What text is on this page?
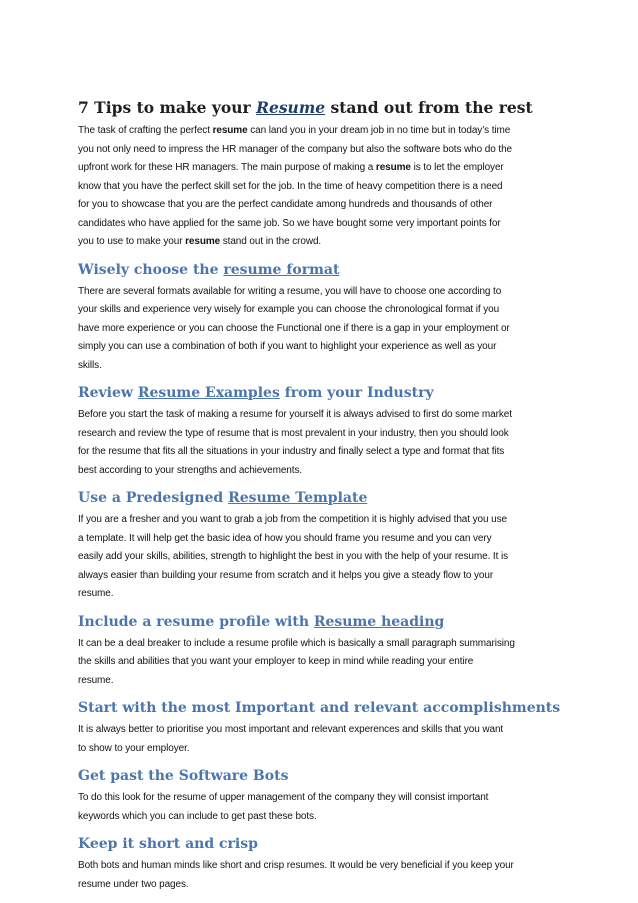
7 Tips to make your Resume stand out from the rest
The task of crafting the perfect resume can land you in your dream job in no time but in today’s time
you not only need to impress the HR manager of the company but also the software bots who do the
upfront work for these HR managers. The main purpose of making a resume is to let the employer
know that you have the perfect skill set for the job. In the time of heavy competition there is a need
for you to showcase that you are the perfect candidate among hundreds and thousands of other
candidates who have applied for the same job. So we have bought some very important points for
you to use to make your resume stand out in the crowd.
Wisely choose the resume format
There are several formats available for writing a resume, you will have to choose one according to
your skills and experience very wisely for example you can choose the chronological format if you
have more experience or you can choose the Functional one if there is a gap in your employment or
simply you can use a combination of both if you want to highlight your experience as well as your
skills.
Review Resume Examples from your Industry
Before you start the task of making a resume for yourself it is always advised to first do some market
research and review the type of resume that is most prevalent in your industry, then you should look
for the resume that fits all the situations in your industry and finally select a type and format that fits
best according to your strengths and achievements.
Use a Predesigned Resume Template
If you are a fresher and you want to grab a job from the competition it is highly advised that you use
a template. It will help get the basic idea of how you should frame you resume and you can very
easily add your skills, abilities, strength to highlight the best in you with the help of your resume. It is
always easier than building your resume from scratch and it helps you give a steady flow to your
resume.
Include a resume profile with Resume heading
It can be a deal breaker to include a resume profile which is basically a small paragraph summarising
the skills and abilities that you want your employer to keep in mind while reading your entire
resume.
Start with the most Important and relevant accomplishments
It is always better to prioritise you most important and relevant experences and skills that you want
to show to your employer.
Get past the Software Bots
To do this look for the resume of upper management of the company they will consist important
keywords which you can include to get past these bots.
Keep it short and crisp
Both bots and human minds like short and crisp resumes. It would be very beneficial if you keep your
resume under two pages.
